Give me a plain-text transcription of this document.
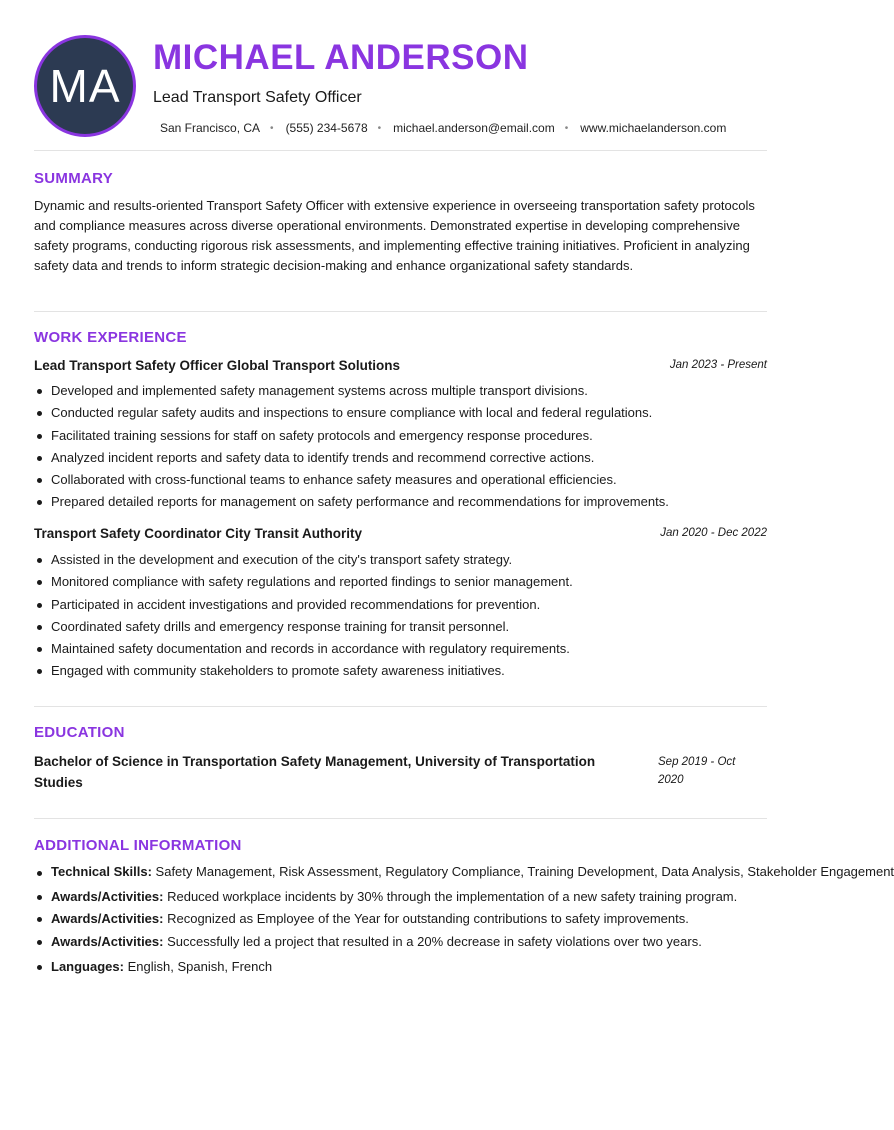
MA
MICHAEL ANDERSON
Lead Transport Safety Officer
San Francisco, CA • (555) 234-5678 • michael.anderson@email.com • www.michaelanderson.com
SUMMARY
Dynamic and results-oriented Transport Safety Officer with extensive experience in overseeing transportation safety protocols and compliance measures across diverse operational environments. Demonstrated expertise in developing comprehensive safety programs, conducting rigorous risk assessments, and implementing effective training initiatives. Proficient in analyzing safety data and trends to inform strategic decision-making and enhance organizational safety standards.
WORK EXPERIENCE
Lead Transport Safety Officer Global Transport Solutions	Jan 2023 - Present
Developed and implemented safety management systems across multiple transport divisions.
Conducted regular safety audits and inspections to ensure compliance with local and federal regulations.
Facilitated training sessions for staff on safety protocols and emergency response procedures.
Analyzed incident reports and safety data to identify trends and recommend corrective actions.
Collaborated with cross-functional teams to enhance safety measures and operational efficiencies.
Prepared detailed reports for management on safety performance and recommendations for improvements.
Transport Safety Coordinator City Transit Authority	Jan 2020 - Dec 2022
Assisted in the development and execution of the city's transport safety strategy.
Monitored compliance with safety regulations and reported findings to senior management.
Participated in accident investigations and provided recommendations for prevention.
Coordinated safety drills and emergency response training for transit personnel.
Maintained safety documentation and records in accordance with regulatory requirements.
Engaged with community stakeholders to promote safety awareness initiatives.
EDUCATION
Bachelor of Science in Transportation Safety Management, University of Transportation Studies
Sep 2019 - Oct 2020
ADDITIONAL INFORMATION
Technical Skills: Safety Management, Risk Assessment, Regulatory Compliance, Training Development, Data Analysis, Stakeholder Engagement
Awards/Activities: Reduced workplace incidents by 30% through the implementation of a new safety training program.
Awards/Activities: Recognized as Employee of the Year for outstanding contributions to safety improvements.
Awards/Activities: Successfully led a project that resulted in a 20% decrease in safety violations over two years.
Languages: English, Spanish, French
